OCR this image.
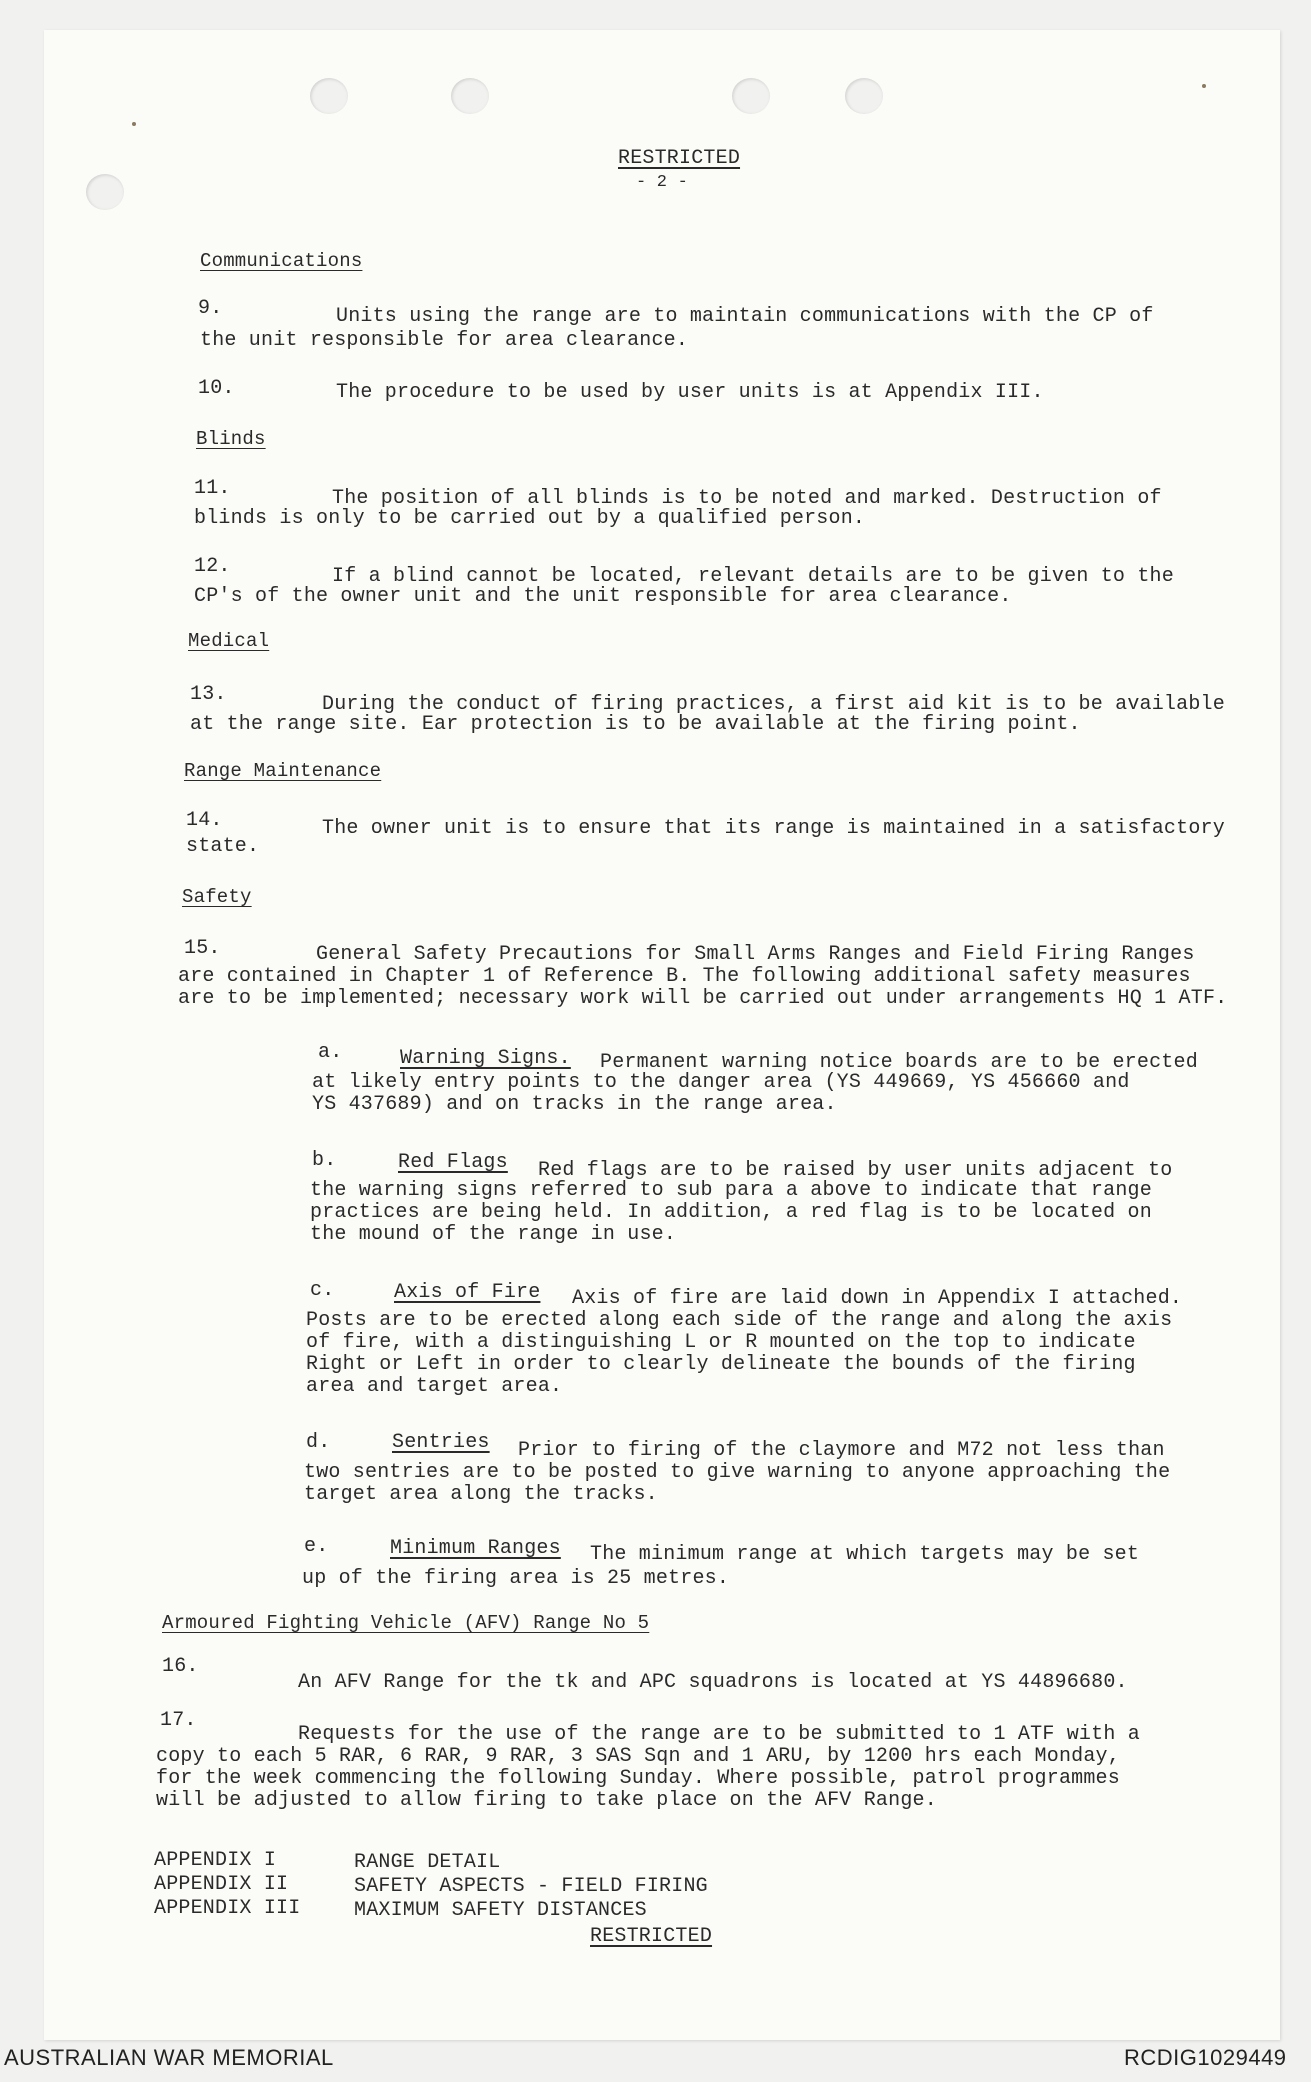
RESTRICTED
- 2 -
Communications
9.	Units using the range are to maintain communications with the CP of
the unit responsible for area clearance.
10.	The procedure to be used by user units is at Appendix III.
Blinds
11.	The position of all blinds is to be noted and marked. Destruction of
blinds is only to be carried out by a qualified person.
12.	If a blind cannot be located, relevant details are to be given to the
CP's of the owner unit and the unit responsible for area clearance.
Medical
13.	During the conduct of firing practices, a first aid kit is to be available
at the range site. Ear protection is to be available at the firing point.
Range Maintenance
14.	The owner unit is to ensure that its range is maintained in a satisfactory
state.
Safety
15.	General Safety Precautions for Small Arms Ranges and Field Firing Ranges
are contained in Chapter 1 of Reference B. The following additional safety measures
are to be implemented; necessary work will be carried out under arrangements HQ 1 ATF.
a.	Warning Signs. Permanent warning notice boards are to be erected
at likely entry points to the danger area (YS 449669, YS 456660 and
YS 437689) and on tracks in the range area.
b.	Red Flags Red flags are to be raised by user units adjacent to
the warning signs referred to sub para a above to indicate that range
practices are being held. In addition, a red flag is to be located on
the mound of the range in use.
c.	Axis of Fire Axis of fire are laid down in Appendix I attached.
Posts are to be erected along each side of the range and along the axis
of fire, with a distinguishing L or R mounted on the top to indicate
Right or Left in order to clearly delineate the bounds of the firing
area and target area.
d.	Sentries Prior to firing of the claymore and M72 not less than
two sentries are to be posted to give warning to anyone approaching the
target area along the tracks.
e.	Minimum Ranges The minimum range at which targets may be set
up of the firing area is 25 metres.
Armoured Fighting Vehicle (AFV) Range No 5
16.
An AFV Range for the tk and APC squadrons is located at YS 44896680.
17.
Requests for the use of the range are to be submitted to 1 ATF with a
copy to each 5 RAR, 6 RAR, 9 RAR, 3 SAS Sqn and 1 ARU, by 1200 hrs each Monday,
for the week commencing the following Sunday. Where possible, patrol programmes
will be adjusted to allow firing to take place on the AFV Range.
APPENDIX I	RANGE DETAIL
APPENDIX II	SAFETY ASPECTS - FIELD FIRING
APPENDIX III	MAXIMUM SAFETY DISTANCES
RESTRICTED
AUSTRALIAN WAR MEMORIAL	RCDIG1029449
